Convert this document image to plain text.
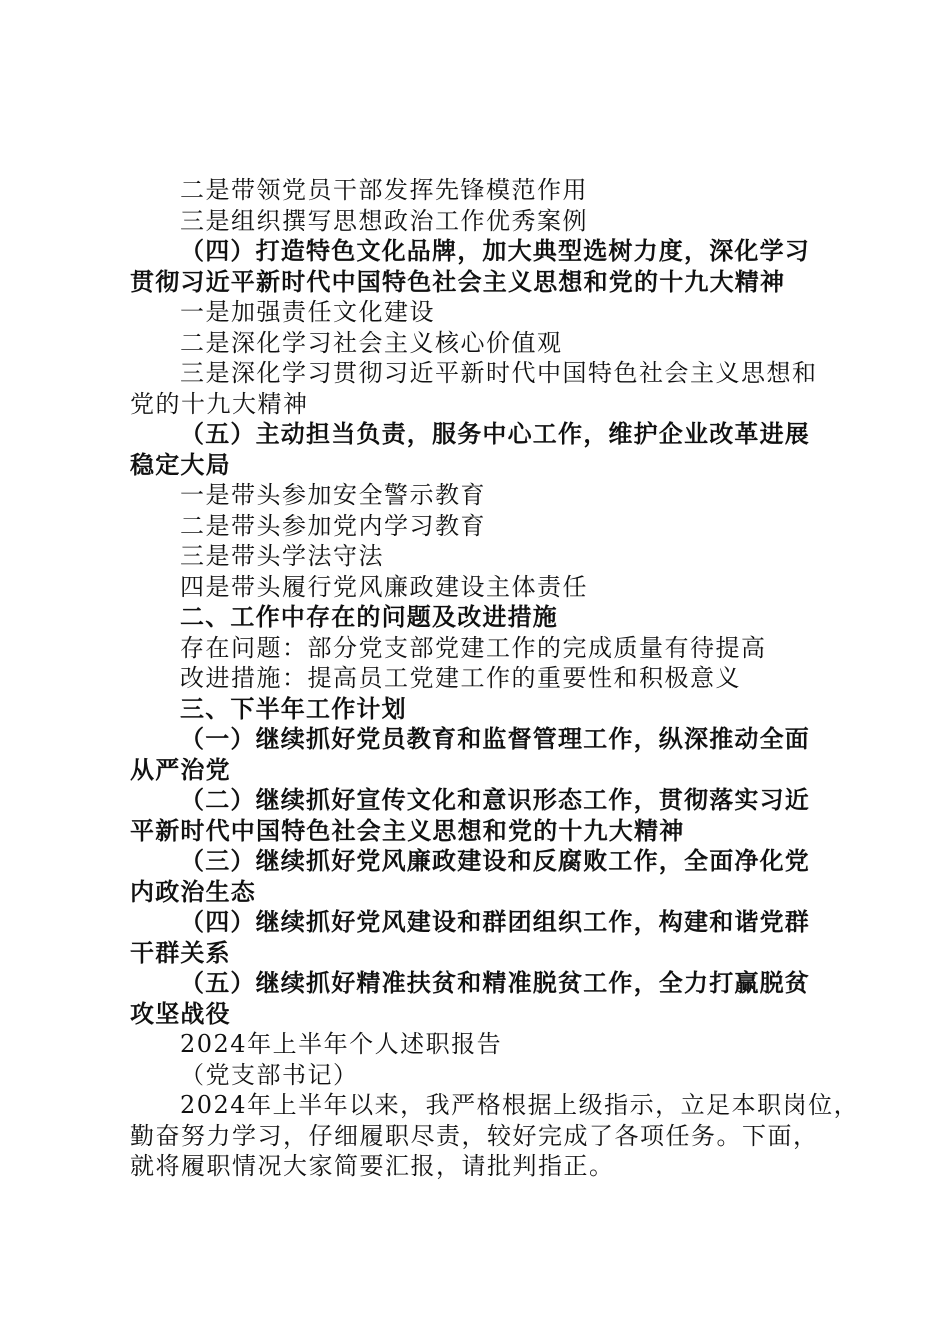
二是带领党员干部发挥先锋模范作用
三是组织撰写思想政治工作优秀案例
（四）打造特色文化品牌，加大典型选树力度，深化学习
贯彻习近平新时代中国特色社会主义思想和党的十九大精神
一是加强责任文化建设
二是深化学习社会主义核心价值观
三是深化学习贯彻习近平新时代中国特色社会主义思想和
党的十九大精神
（五）主动担当负责，服务中心工作，维护企业改革进展
稳定大局
一是带头参加安全警示教育
二是带头参加党内学习教育
三是带头学法守法
四是带头履行党风廉政建设主体责任
二、工作中存在的问题及改进措施
存在问题：部分党支部党建工作的完成质量有待提高
改进措施：提高员工党建工作的重要性和积极意义
三、下半年工作计划
（一）继续抓好党员教育和监督管理工作，纵深推动全面
从严治党
（二）继续抓好宣传文化和意识形态工作，贯彻落实习近
平新时代中国特色社会主义思想和党的十九大精神
（三）继续抓好党风廉政建设和反腐败工作，全面净化党
内政治生态
（四）继续抓好党风建设和群团组织工作，构建和谐党群
干群关系
（五）继续抓好精准扶贫和精准脱贫工作，全力打赢脱贫
攻坚战役
2024年上半年个人述职报告
（党支部书记）
2024年上半年以来，我严格根据上级指示，立足本职岗位，
勤奋努力学习，仔细履职尽责，较好完成了各项任务。下面，
就将履职情况大家简要汇报，请批判指正。
